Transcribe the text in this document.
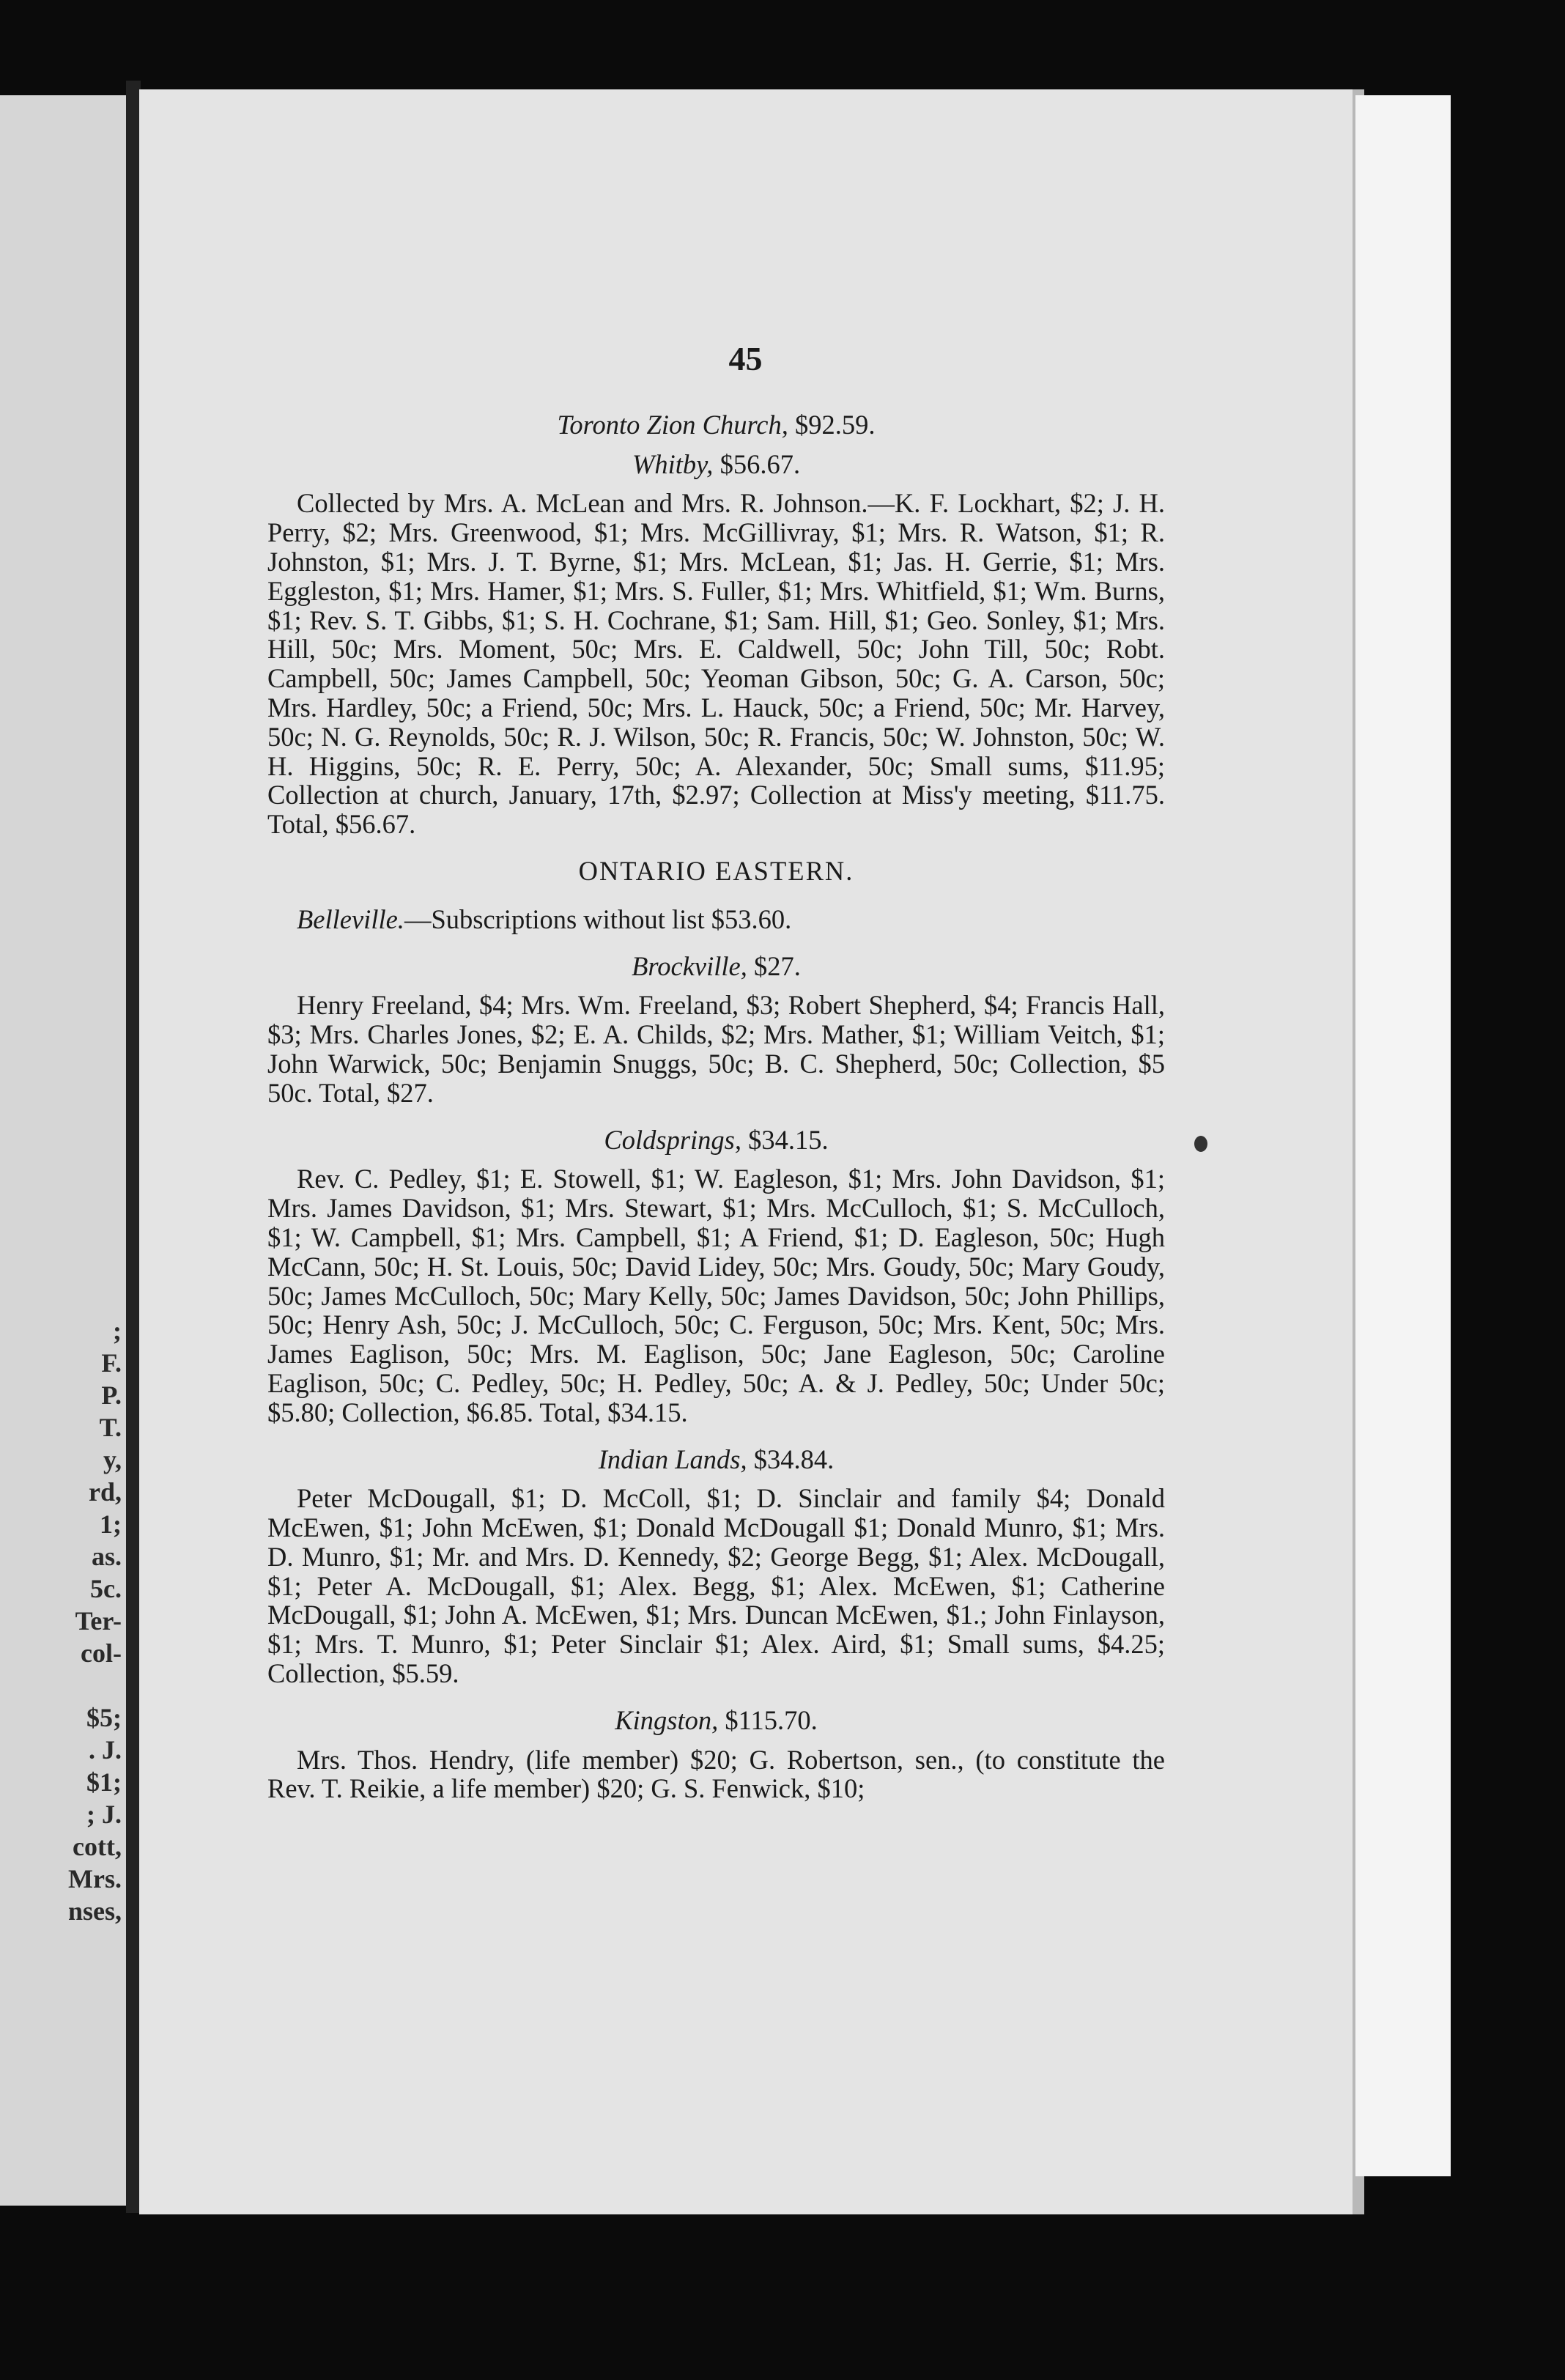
;
F.
P.
T.
y,
rd,
1;
as.
5c.
Ter-
col-

$5;
. J.
$1;
; J.
cott,
Mrs.
nses,
45
Toronto Zion Church, $92.59.
Whitby, $56.67.

Collected by Mrs. A. McLean and Mrs. R. Johnson.—K. F. Lockhart, $2; J. H. Perry, $2; Mrs. Greenwood, $1; Mrs. McGillivray, $1; Mrs. R. Watson, $1; R. Johnston, $1; Mrs. J. T. Byrne, $1; Mrs. McLean, $1; Jas. H. Gerrie, $1; Mrs. Eggleston, $1; Mrs. Hamer, $1; Mrs. S. Fuller, $1; Mrs. Whitfield, $1; Wm. Burns, $1; Rev. S. T. Gibbs, $1; S. H. Cochrane, $1; Sam. Hill, $1; Geo. Sonley, $1; Mrs. Hill, 50c; Mrs. Moment, 50c; Mrs. E. Caldwell, 50c; John Till, 50c; Robt. Campbell, 50c; James Campbell, 50c; Yeoman Gibson, 50c; G. A. Carson, 50c; Mrs. Hardley, 50c; a Friend, 50c; Mrs. L. Hauck, 50c; a Friend, 50c; Mr. Harvey, 50c; N. G. Reynolds, 50c; R. J. Wilson, 50c; R. Francis, 50c; W. Johnston, 50c; W. H. Higgins, 50c; R. E. Perry, 50c; A. Alexander, 50c; Small sums, $11.95; Collection at church, January, 17th, $2.97; Collection at Miss'y meeting, $11.75. Total, $56.67.

ONTARIO EASTERN.

Belleville.—Subscriptions without list $53.60.

Brockville, $27.

Henry Freeland, $4; Mrs. Wm. Freeland, $3; Robert Shepherd, $4; Francis Hall, $3; Mrs. Charles Jones, $2; E. A. Childs, $2; Mrs. Mather, $1; William Veitch, $1; John Warwick, 50c; Benjamin Snuggs, 50c; B. C. Shepherd, 50c; Collection, $5 50c. Total, $27.

Coldsprings, $34.15.

Rev. C. Pedley, $1; E. Stowell, $1; W. Eagleson, $1; Mrs. John Davidson, $1; Mrs. James Davidson, $1; Mrs. Stewart, $1; Mrs. McCulloch, $1; S. McCulloch, $1; W. Campbell, $1; Mrs. Campbell, $1; A Friend, $1; D. Eagleson, 50c; Hugh McCann, 50c; H. St. Louis, 50c; David Lidey, 50c; Mrs. Goudy, 50c; Mary Goudy, 50c; James McCulloch, 50c; Mary Kelly, 50c; James Davidson, 50c; John Phillips, 50c; Henry Ash, 50c; J. McCulloch, 50c; C. Ferguson, 50c; Mrs. Kent, 50c; Mrs. James Eaglison, 50c; Mrs. M. Eaglison, 50c; Jane Eagleson, 50c; Caroline Eaglison, 50c; C. Pedley, 50c; H. Pedley, 50c; A. & J. Pedley, 50c; Under 50c; $5.80; Collection, $6.85. Total, $34.15.

Indian Lands, $34.84.

Peter McDougall, $1; D. McColl, $1; D. Sinclair and family $4; Donald McEwen, $1; John McEwen, $1; Donald McDougall $1; Donald Munro, $1; Mrs. D. Munro, $1; Mr. and Mrs. D. Kennedy, $2; George Begg, $1; Alex. McDougall, $1; Peter A. McDougall, $1; Alex. Begg, $1; Alex. McEwen, $1; Catherine McDougall, $1; John A. McEwen, $1; Mrs. Duncan McEwen, $1.; John Finlayson, $1; Mrs. T. Munro, $1; Peter Sinclair $1; Alex. Aird, $1; Small sums, $4.25; Collection, $5.59.

Kingston, $115.70.

Mrs. Thos. Hendry, (life member) $20; G. Robertson, sen., (to constitute the Rev. T. Reikie, a life member) $20; G. S. Fenwick, $10;
